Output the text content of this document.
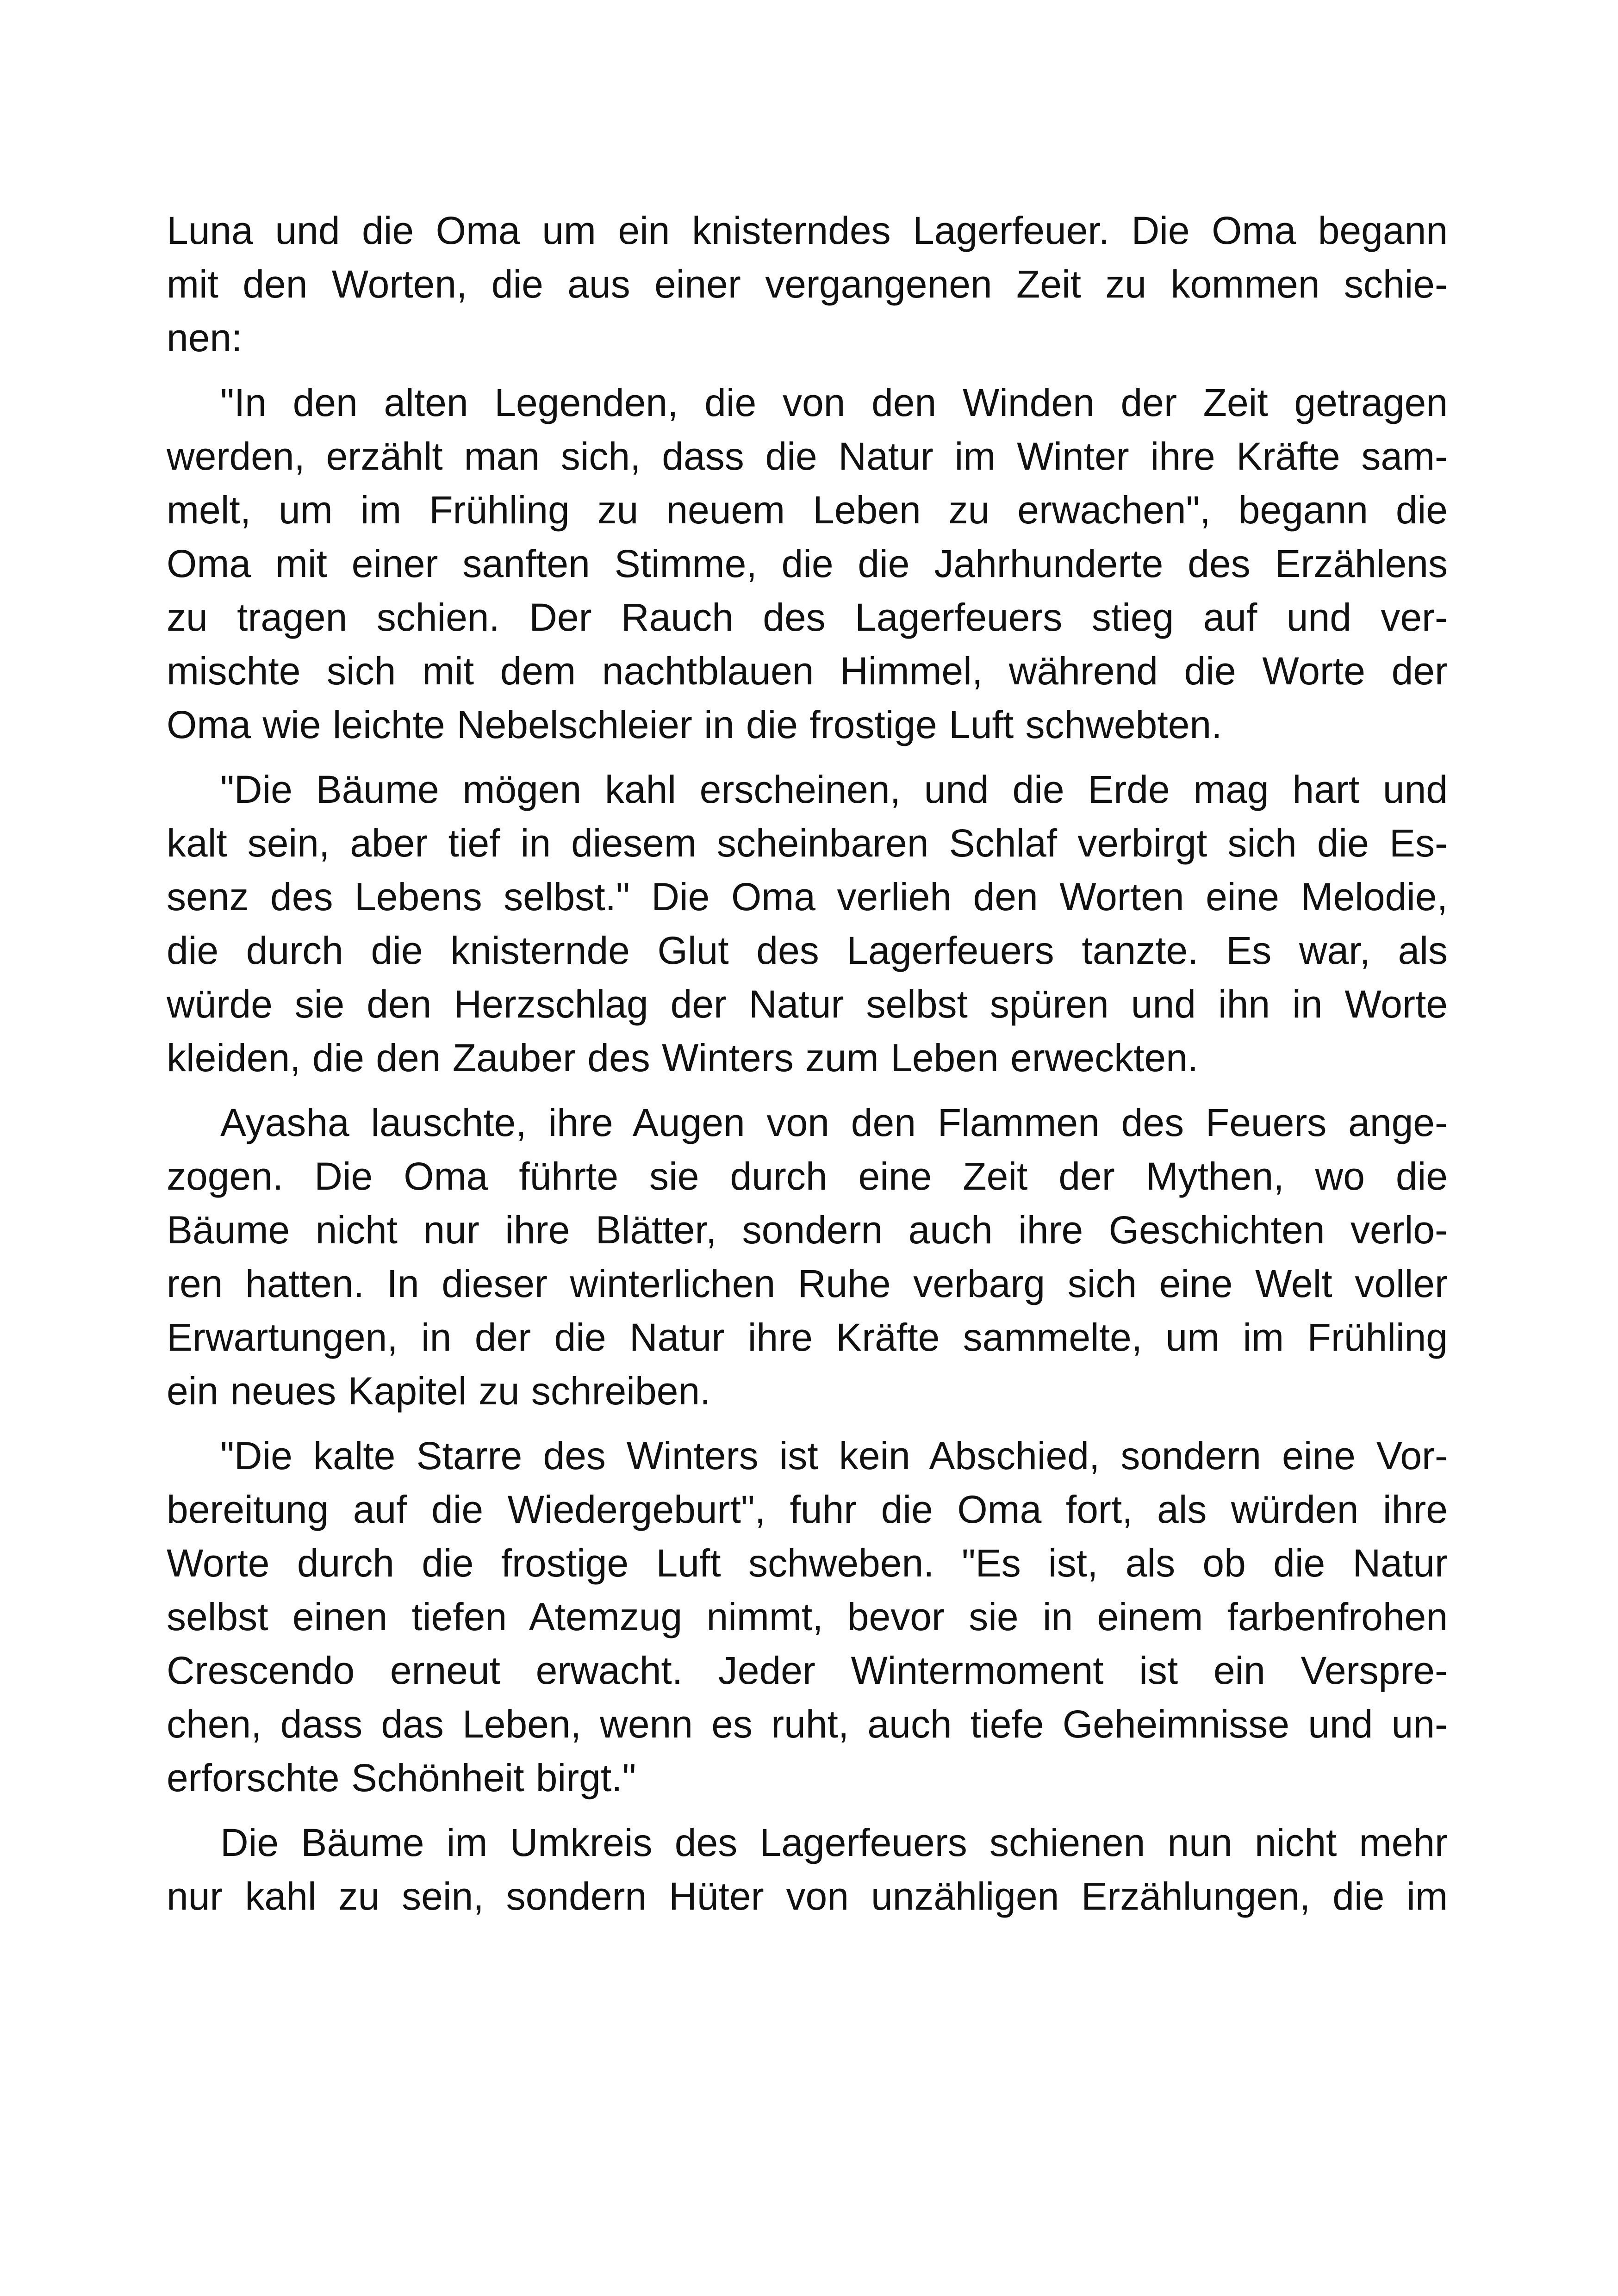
Luna und die Oma um ein knisterndes Lagerfeuer. Die Oma begann
mit den Worten, die aus einer vergangenen Zeit zu kommen schie-
nen:
"In den alten Legenden, die von den Winden der Zeit getragen
werden, erzählt man sich, dass die Natur im Winter ihre Kräfte sam-
melt, um im Frühling zu neuem Leben zu erwachen", begann die
Oma mit einer sanften Stimme, die die Jahrhunderte des Erzählens
zu tragen schien. Der Rauch des Lagerfeuers stieg auf und ver-
mischte sich mit dem nachtblauen Himmel, während die Worte der
Oma wie leichte Nebelschleier in die frostige Luft schwebten.
"Die Bäume mögen kahl erscheinen, und die Erde mag hart und
kalt sein, aber tief in diesem scheinbaren Schlaf verbirgt sich die Es-
senz des Lebens selbst." Die Oma verlieh den Worten eine Melodie,
die durch die knisternde Glut des Lagerfeuers tanzte. Es war, als
würde sie den Herzschlag der Natur selbst spüren und ihn in Worte
kleiden, die den Zauber des Winters zum Leben erweckten.
Ayasha lauschte, ihre Augen von den Flammen des Feuers ange-
zogen. Die Oma führte sie durch eine Zeit der Mythen, wo die
Bäume nicht nur ihre Blätter, sondern auch ihre Geschichten verlo-
ren hatten. In dieser winterlichen Ruhe verbarg sich eine Welt voller
Erwartungen, in der die Natur ihre Kräfte sammelte, um im Frühling
ein neues Kapitel zu schreiben.
"Die kalte Starre des Winters ist kein Abschied, sondern eine Vor-
bereitung auf die Wiedergeburt", fuhr die Oma fort, als würden ihre
Worte durch die frostige Luft schweben. "Es ist, als ob die Natur
selbst einen tiefen Atemzug nimmt, bevor sie in einem farbenfrohen
Crescendo erneut erwacht. Jeder Wintermoment ist ein Verspre-
chen, dass das Leben, wenn es ruht, auch tiefe Geheimnisse und un-
erforschte Schönheit birgt."
Die Bäume im Umkreis des Lagerfeuers schienen nun nicht mehr
nur kahl zu sein, sondern Hüter von unzähligen Erzählungen, die im
